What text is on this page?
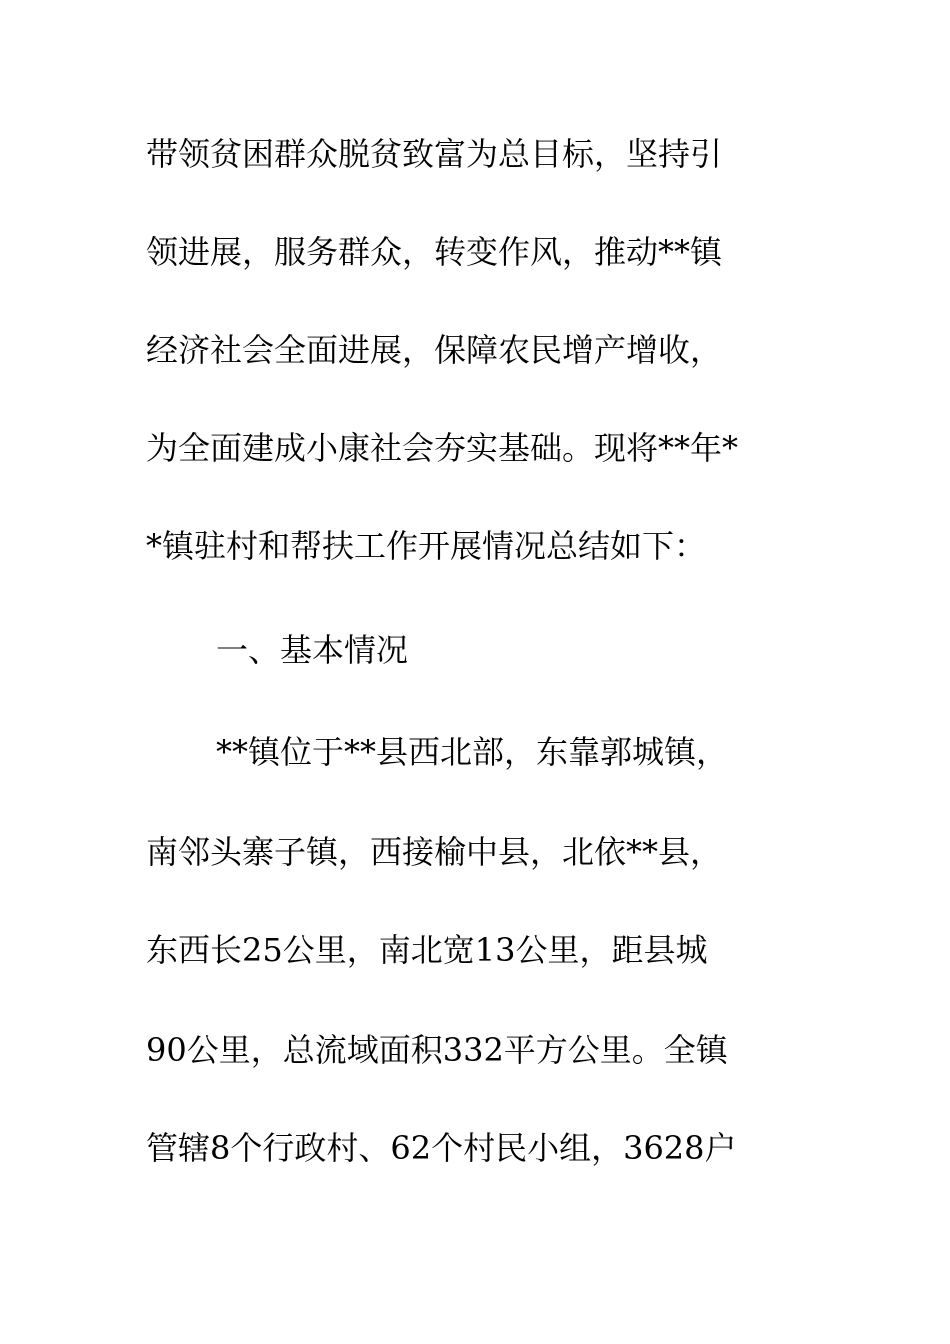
带领贫困群众脱贫致富为总目标，坚持引
领进展，服务群众，转变作风，推动**镇
经济社会全面进展，保障农民增产增收，
为全面建成小康社会夯实基础。现将**年*
*镇驻村和帮扶工作开展情况总结如下：
一、基本情况
**镇位于**县西北部，东靠郭城镇，
南邻头寨子镇，西接榆中县，北依**县，
东西长25公里，南北宽13公里，距县城
90公里，总流域面积332平方公里。全镇
管辖8个行政村、62个村民小组，3628户
